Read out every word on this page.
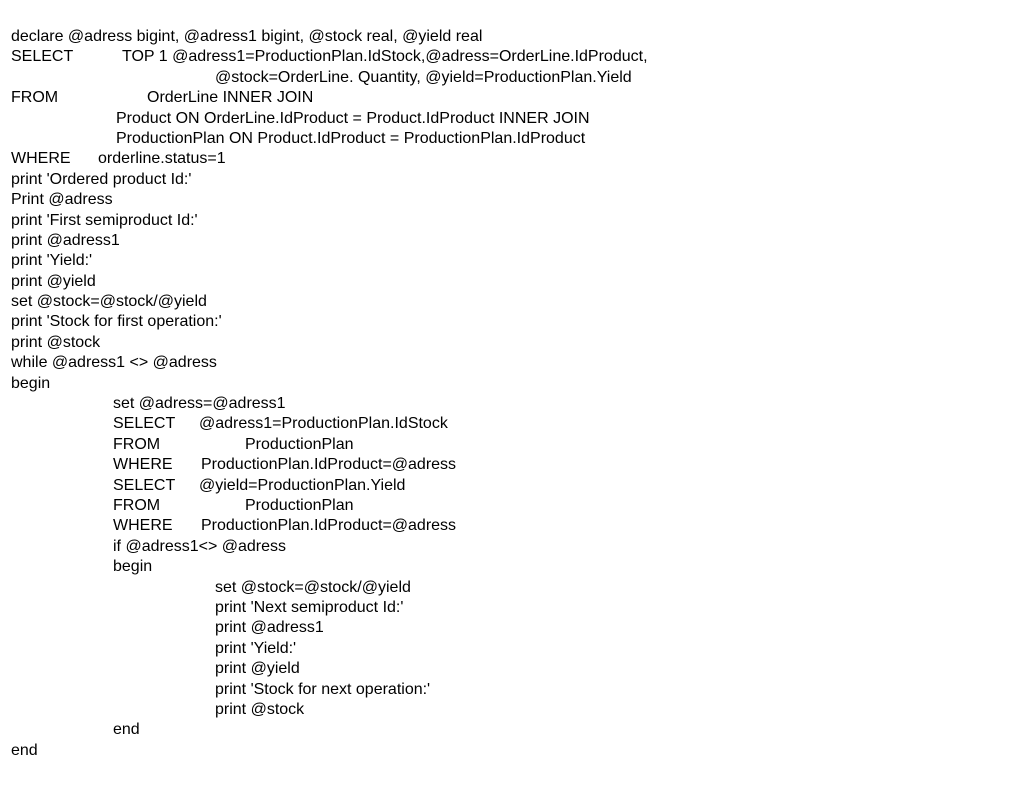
declare @adress bigint, @adress1 bigint, @stock real, @yield real

SELECT

	TOP 1 @adress1=ProductionPlan.IdStock,@adress=OrderLine.IdProduct,

@stock=OrderLine. Quantity, @yield=ProductionPlan.Yield

FROM

	OrderLine INNER JOIN

Product ON OrderLine.IdProduct = Product.IdProduct INNER JOIN

ProductionPlan ON Product.IdProduct = ProductionPlan.IdProduct

WHERE

orderline.status=1

print 'Ordered product Id:'

Print @adress

print 'First semiproduct Id:'

print @adress1

print 'Yield:'

print @yield

set @stock=@stock/@yield

print 'Stock for first operation:'

print @stock

while @adress1 <> @adress

begin

set @adress=@adress1

SELECT

@adress1=ProductionPlan.IdStock

FROM

	ProductionPlan

WHERE

ProductionPlan.IdProduct=@adress

SELECT

@yield=ProductionPlan.Yield

FROM

	ProductionPlan

WHERE

ProductionPlan.IdProduct=@adress

if @adress1<> @adress

begin

set @stock=@stock/@yield

print 'Next semiproduct Id:'

print @adress1

print 'Yield:'

print @yield

print 'Stock for next operation:'

print @stock

end

end
